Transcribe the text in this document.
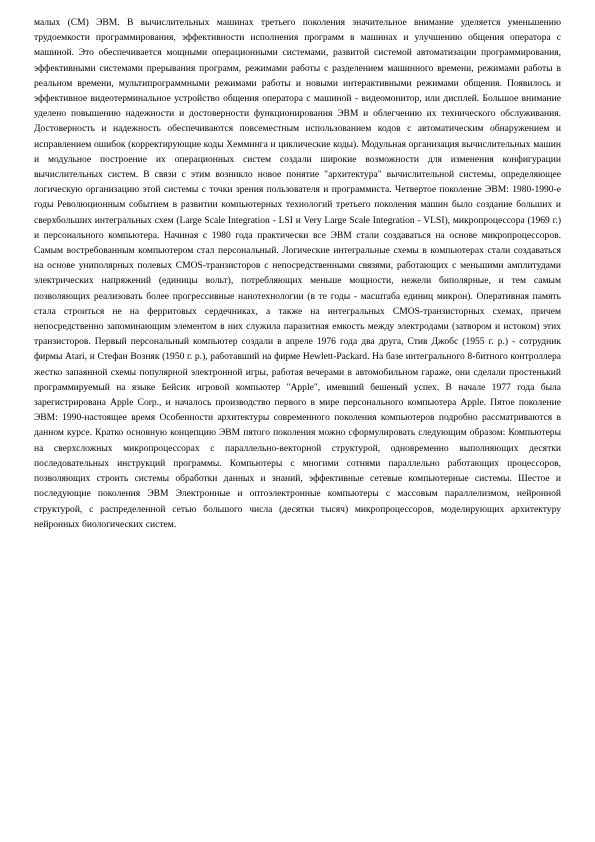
малых (СМ) ЭВМ. В вычислительных машинах третьего поколения значительное внимание уделяется уменьшению трудоемкости программирования, эффективности исполнения программ в машинах и улучшению общения оператора с машиной. Это обеспечивается мощными операционными системами, развитой системой автоматизации программирования, эффективными системами прерывания программ, режимами работы с разделением машинного времени, режимами работы в реальном времени, мультипрограммными режимами работы и новыми интерактивными режимами общения. Появилось и эффективное видеотерминальное устройство общения оператора с машиной - видеомонитор, или дисплей. Большое внимание уделено повышению надежности и достоверности функционирования ЭВМ и облегчению их технического обслуживания. Достоверность и надежность обеспечиваются повсеместным использованием кодов с автоматическим обнаружением и исправлением ошибок (корректирующие коды Хемминга и циклические коды). Модульная организация вычислительных машин и модульное построение их операционных систем создали широкие возможности для изменения конфигурации вычислительных систем. В связи с этим возникло новое понятие "архитектура" вычислительной системы, определяющее логическую организацию этой системы с точки зрения пользователя и программиста. Четвертое поколение ЭВМ: 1980-1990-е годы Революционным событием в развитии компьютерных технологий третьего поколения машин было создание больших и сверхбольших интегральных схем (Large Scale Integration - LSI и Very Large Scale Integration - VLSI), микропроцессора (1969 г.) и персонального компьютера. Начиная с 1980 года практически все ЭВМ стали создаваться на основе микропроцессоров. Самым востребованным компьютером стал персональный. Логические интегральные схемы в компьютерах стали создаваться на основе униполярных полевых CMOS-транзисторов с непосредственными связями, работающих с меньшими амплитудами электрических напряжений (единицы вольт), потребляющих меньше мощности, нежели биполярные, и тем самым позволяющих реализовать более прогрессивные нанотехнологии (в те годы - масштаба единиц микрон). Оперативная память стала строиться не на ферритовых сердечниках, а также на интегральных CMOS-транзисторных схемах, причем непосредственно запоминающим элементом в них служила паразитная емкость между электродами (затвором и истоком) этих транзисторов. Первый персональный компьютер создали в апреле 1976 года два друга, Стив Джобс (1955 г. р.) - сотрудник фирмы Atari, и Стефан Возняк (1950 г. р.), работавший на фирме Hewlett-Packard. На базе интегрального 8-битного контроллера жестко запаянной схемы популярной электронной игры, работая вечерами в автомобильном гараже, они сделали простенький программируемый на языке Бейсик игровой компьютер "Apple", имевший бешеный успех. В начале 1977 года была зарегистрирована Apple Corp., и началось производство первого в мире персонального компьютера Apple. Пятое поколение ЭВМ: 1990-настоящее время Особенности архитектуры современного поколения компьютеров подробно рассматриваются в данном курсе. Кратко основную концепцию ЭВМ пятого поколения можно сформулировать следующим образом: Компьютеры на сверхсложных микропроцессорах с параллельно-векторной структурой, одновременно выполняющих десятки последовательных инструкций программы. Компьютеры с многими сотнями параллельно работающих процессоров, позволяющих строить системы обработки данных и знаний, эффективные сетевые компьютерные системы. Шестое и последующие поколения ЭВМ Электронные и оптоэлектронные компьютеры с массовым параллелизмом, нейронной структурой, с распределенной сетью большого числа (десятки тысяч) микропроцессоров, моделирующих архитектуру нейронных биологических систем.
